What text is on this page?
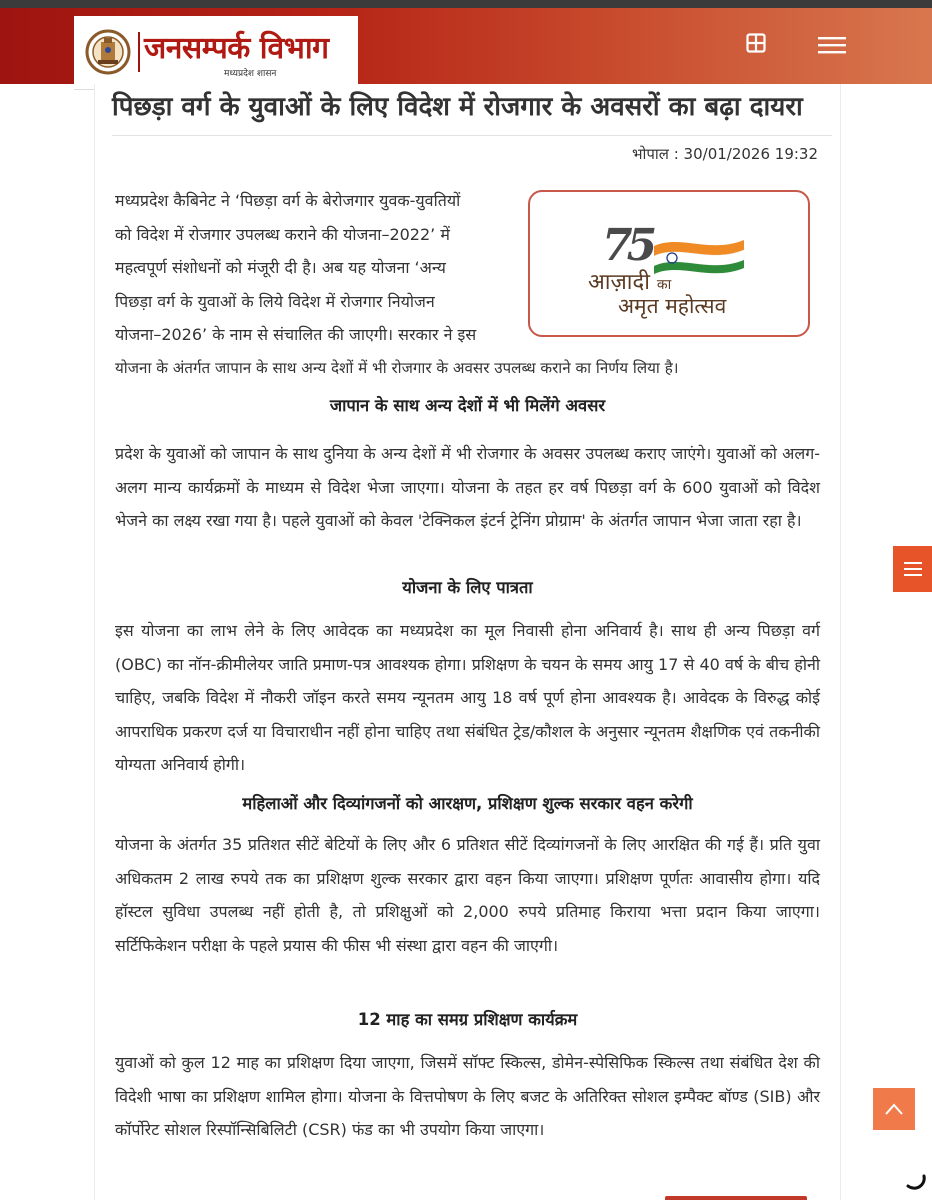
जनसम्पर्क विभाग
मध्यप्रदेश शासन
पिछड़ा वर्ग के युवाओं के लिए विदेश में रोजगार के अवसरों का बढ़ा दायरा
भोपाल : 30/01/2026 19:32
75
आज़ादी का
अमृत महोत्सव
मध्यप्रदेश कैबिनेट ने ‘पिछड़ा वर्ग के बेरोजगार युवक-युवतियों
को विदेश में रोजगार उपलब्ध कराने की योजना–2022’ में
महत्वपूर्ण संशोधनों को मंजूरी दी है। अब यह योजना ‘अन्य
पिछड़ा वर्ग के युवाओं के लिये विदेश में रोजगार नियोजन
योजना–2026’ के नाम से संचालित की जाएगी। सरकार ने इस
योजना के अंतर्गत जापान के साथ अन्य देशों में भी रोजगार के अवसर उपलब्ध कराने का निर्णय लिया है।
जापान के साथ अन्य देशों में भी मिलेंगे अवसर
प्रदेश के युवाओं को जापान के साथ दुनिया के अन्य देशों में भी रोजगार के अवसर उपलब्ध कराए जाएंगे। युवाओं को अलग-अलग मान्य कार्यक्रमों के माध्यम से विदेश भेजा जाएगा। योजना के तहत हर वर्ष पिछड़ा वर्ग के 600 युवाओं को विदेश भेजने का लक्ष्य रखा गया है। पहले युवाओं को केवल 'टेक्निकल इंटर्न ट्रेनिंग प्रोग्राम' के अंतर्गत जापान भेजा जाता रहा है।
योजना के लिए पात्रता
इस योजना का लाभ लेने के लिए आवेदक का मध्यप्रदेश का मूल निवासी होना अनिवार्य है। साथ ही अन्य पिछड़ा वर्ग (OBC) का नॉन-क्रीमीलेयर जाति प्रमाण-पत्र आवश्यक होगा। प्रशिक्षण के चयन के समय आयु 17 से 40 वर्ष के बीच होनी चाहिए, जबकि विदेश में नौकरी जॉइन करते समय न्यूनतम आयु 18 वर्ष पूर्ण होना आवश्यक है। आवेदक के विरुद्ध कोई आपराधिक प्रकरण दर्ज या विचाराधीन नहीं होना चाहिए तथा संबंधित ट्रेड/कौशल के अनुसार न्यूनतम शैक्षणिक एवं तकनीकी योग्यता अनिवार्य होगी।
महिलाओं और दिव्यांगजनों को आरक्षण, प्रशिक्षण शुल्क सरकार वहन करेगी
योजना के अंतर्गत 35 प्रतिशत सीटें बेटियों के लिए और 6 प्रतिशत सीटें दिव्यांगजनों के लिए आरक्षित की गई हैं। प्रति युवा अधिकतम 2 लाख रुपये तक का प्रशिक्षण शुल्क सरकार द्वारा वहन किया जाएगा। प्रशिक्षण पूर्णतः आवासीय होगा। यदि हॉस्टल सुविधा उपलब्ध नहीं होती है, तो प्रशिक्षुओं को 2,000 रुपये प्रतिमाह किराया भत्ता प्रदान किया जाएगा। सर्टिफिकेशन परीक्षा के पहले प्रयास की फीस भी संस्था द्वारा वहन की जाएगी।
12 माह का समग्र प्रशिक्षण कार्यक्रम
युवाओं को कुल 12 माह का प्रशिक्षण दिया जाएगा, जिसमें सॉफ्ट स्किल्स, डोमेन-स्पेसिफिक स्किल्स तथा संबंधित देश की विदेशी भाषा का प्रशिक्षण शामिल होगा। योजना के वित्तपोषण के लिए बजट के अतिरिक्त सोशल इम्पैक्ट बॉण्ड (SIB) और कॉर्पोरेट सोशल रिस्पॉन्सिबिलिटी (CSR) फंड का भी उपयोग किया जाएगा।
